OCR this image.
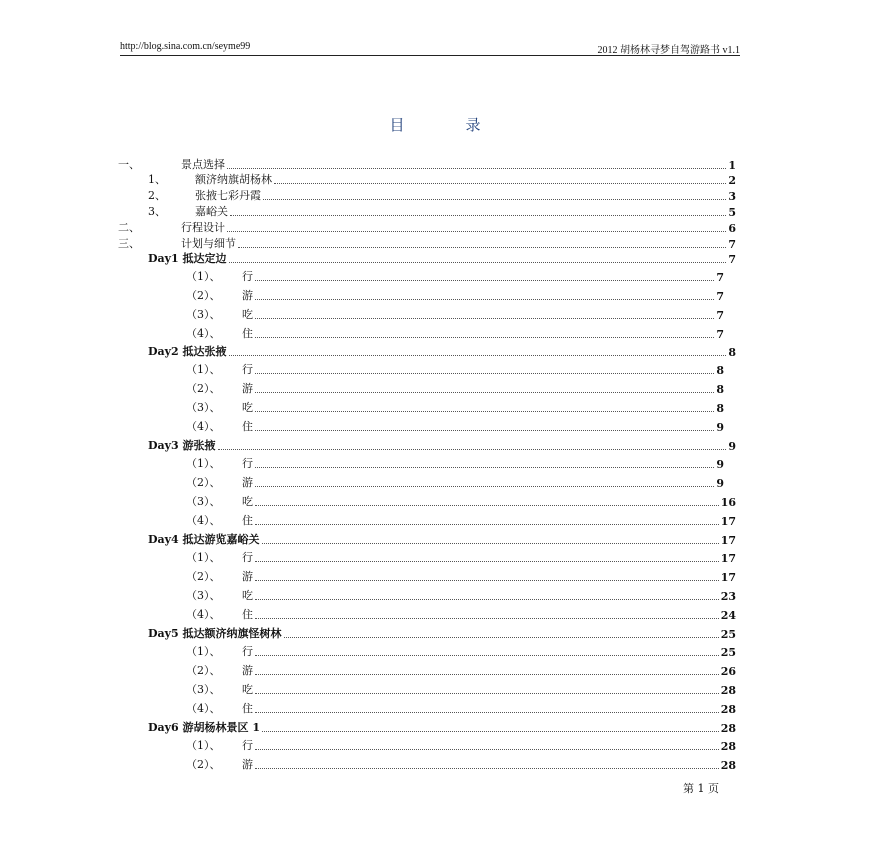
http://blog.sina.com.cn/seyme99	2012 胡杨林寻梦自驾游路书 v1.1
目	录
一、	景点选择	1
1、	额济纳旗胡杨林	2
2、	张掖七彩丹霞	3
3、	嘉峪关	5
二、	行程设计	6
三、	计划与细节	7
Day1 抵达定边	7
（1）、	行	7
（2）、	游	7
（3）、	吃	7
（4）、	住	7
Day2 抵达张掖	8
（1）、	行	8
（2）、	游	8
（3）、	吃	8
（4）、	住	9
Day3 游张掖	9
（1）、	行	9
（2）、	游	9
（3）、	吃	16
（4）、	住	17
Day4 抵达游览嘉峪关	17
（1）、	行	17
（2）、	游	17
（3）、	吃	23
（4）、	住	24
Day5 抵达额济纳旗怪树林	25
（1）、	行	25
（2）、	游	26
（3）、	吃	28
（4）、	住	28
Day6 游胡杨林景区 1	28
（1）、	行	28
（2）、	游	28
第 1 页
